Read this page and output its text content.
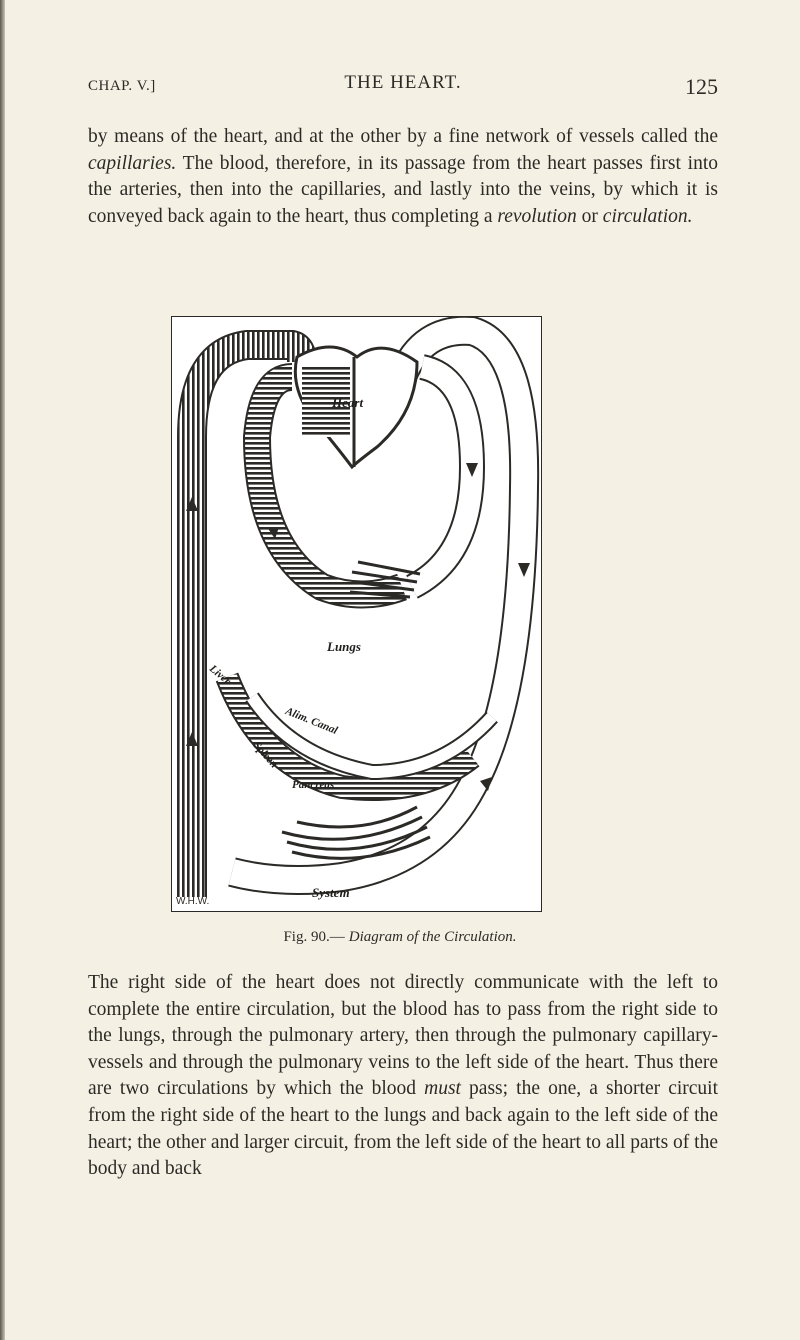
CHAP. V.]	THE HEART.	125

by means of the heart, and at the other by a fine network of vessels called the capillaries. The blood, therefore, in its passage from the heart passes first into the arteries, then into the capillaries, and lastly into the veins, by which it is conveyed back again to the heart, thus completing a revolution or circulation.

Heart
Lungs
Liver
Alim. Canal
Spleen
Pancreas
System
W.H.W.
Fig. 90.— Diagram of the Circulation.

The right side of the heart does not directly communicate with the left to complete the entire circulation, but the blood has to pass from the right side to the lungs, through the pulmonary artery, then through the pulmonary capillary-vessels and through the pulmonary veins to the left side of the heart. Thus there are two circulations by which the blood must pass; the one, a shorter circuit from the right side of the heart to the lungs and back again to the left side of the heart; the other and larger circuit, from the left side of the heart to all parts of the body and back
